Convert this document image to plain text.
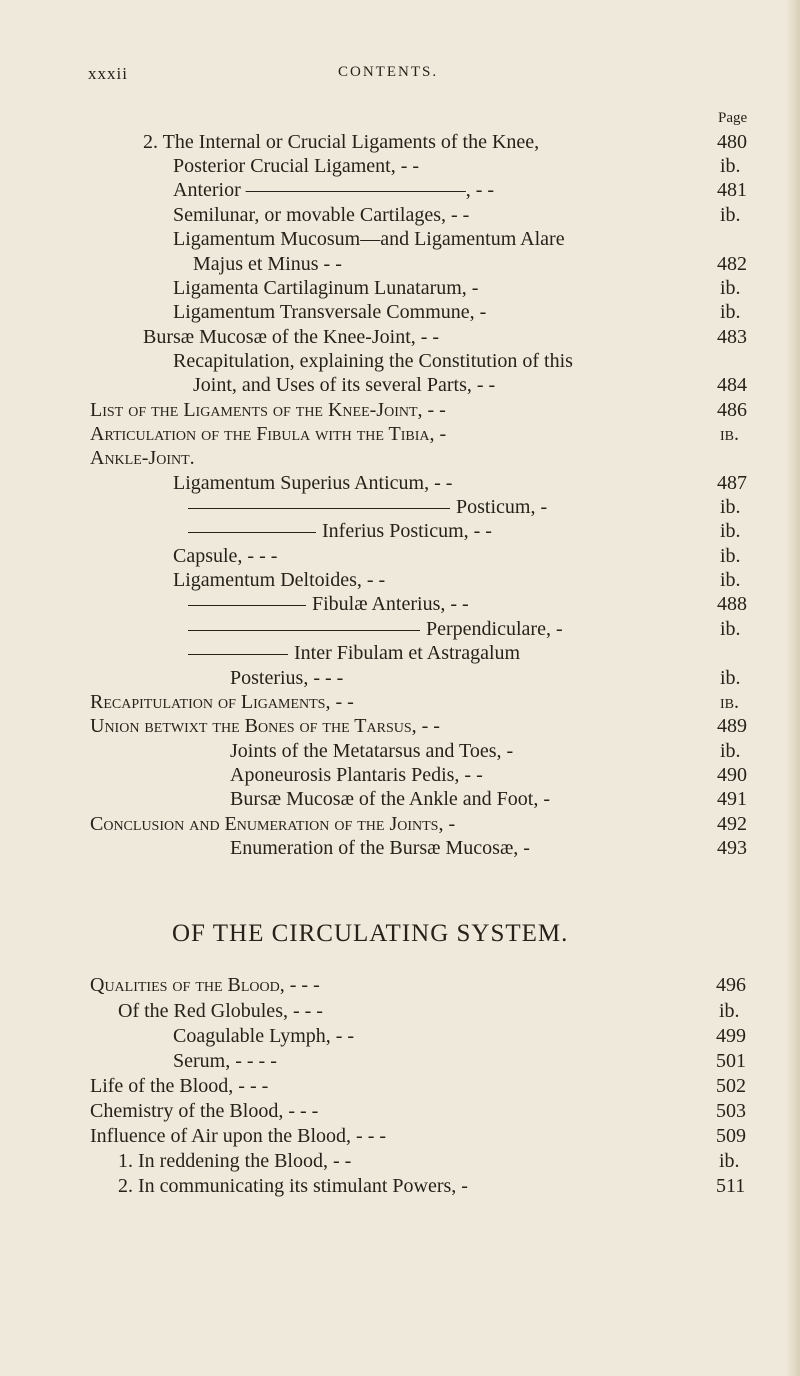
xxxii	CONTENTS.
Page
2. The Internal or Crucial Ligaments of the Knee,	480
Posterior Crucial Ligament, - -	ib.
Anterior ———————————, - -	481
Semilunar, or movable Cartilages, - -	ib.
Ligamentum Mucosum—and Ligamentum Alare
Majus et Minus - -	482
Ligamenta Cartilaginum Lunatarum, -	ib.
Ligamentum Transversale Commune, -	ib.
Bursæ Mucosæ of the Knee-Joint, - -	483
Recapitulation, explaining the Constitution of this
Joint, and Uses of its several Parts, - -	484
List of the Ligaments of the Knee-Joint, - -	486
Articulation of the Fibula with the Tibia, -	ib.
Ankle-Joint.
Ligamentum Superius Anticum, - -	487
Posticum, -	ib.
Inferius Posticum, - -	ib.
Capsule, - - -	ib.
Ligamentum Deltoides, - -	ib.
Fibulæ Anterius, - -	488
Perpendiculare, -	ib.
Inter Fibulam et Astragalum
Posterius, - - -	ib.
Recapitulation of Ligaments, - -	ib.
Union betwixt the Bones of the Tarsus, - -	489
Joints of the Metatarsus and Toes, -	ib.
Aponeurosis Plantaris Pedis, - -	490
Bursæ Mucosæ of the Ankle and Foot, -	491
Conclusion and Enumeration of the Joints, -	492
Enumeration of the Bursæ Mucosæ, -	493
OF THE CIRCULATING SYSTEM.
Qualities of the Blood, - - -	496
Of the Red Globules, - - -	ib.
Coagulable Lymph, - -	499
Serum, - - - -	501
Life of the Blood, - - -	502
Chemistry of the Blood, - - -	503
Influence of Air upon the Blood, - - -	509
1. In reddening the Blood, - -	ib.
2. In communicating its stimulant Powers, -	511
